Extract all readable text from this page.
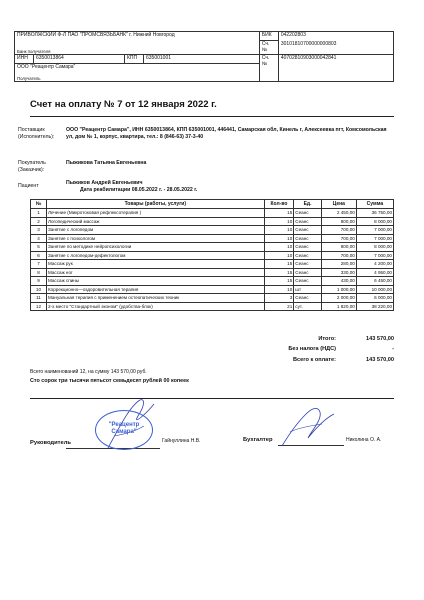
ПРИВОЛЖСКИЙ Ф-Л ПАО "ПРОМСВЯЗЬБАНК" г. Нижний Новгород				БИК	042202803
				Сч. №	30101810700000000803
Банк получателя					
ИНН	6350013864	КПП	635001001	Сч. №	40702810903000042841
ООО "Реацентр Самара"					
Получатель					
Счет на оплату № 7 от 12 января 2022 г.
Поставщик (Исполнитель):
ООО "Реацентр Самара", ИНН 6350013864, КПП 635001001, 446441, Самарская обл, Кинель г, Алексеевка пгт, Комсомольская ул, дом № 1, корпус, квартира, тел.: 8 (846-63) 37-3-40
Покупатель (Заказчик):
Пыжикова Татьяна Евгеньевна
Пациент	Пыжиков Андрей Евгеньевич
Дата реабилитации 08.05.2022 г. - 28.05.2022 г.
№	Товары (работы, услуги)	Кол-во	Ед.	Цена	Сумма
1	Лечение (Микротоковая рефлексотерапия )	15	Сеанс	2 450,00	36 750,00
2	Логопедический массаж	10	Сеанс	800,00	8 000,00
3	Занятие с логопедом	10	Сеанс	700,00	7 000,00
4	Занятие с психологом	10	Сеанс	700,00	7 000,00
5	Занятие по методике нейропсихологии	10	Сеанс	800,00	8 000,00
6	Занятие с логопедом-дефектологом	10	Сеанс	700,00	7 000,00
7	Массаж рук	15	Сеанс	280,00	4 200,00
8	Массаж ног	15	Сеанс	330,00	4 950,00
9	Массаж спины	15	Сеанс	430,00	6 450,00
10	Коррекционно—оздоровительная терапия	10	шт	1 000,00	10 000,00
11	Мануальная терапия с применением остеопатических техник	3	Сеанс	2 000,00	6 000,00
12	2-х место "Стандартный эконом" (удобства-блок)	21	сут.	1 820,00	38 220,00
Итого:	143 570,00
Без налога (НДС)	-
Всего к оплате:	143 570,00
Всего наименований 12, на сумму 143 570,00 руб.
Сто сорок три тысячи пятьсот семьдесят рублей 00 копеек
Руководитель	Гайнуллина Н.В.	Бухгалтер	Николина О. А.
"Реацентр
Самара"
